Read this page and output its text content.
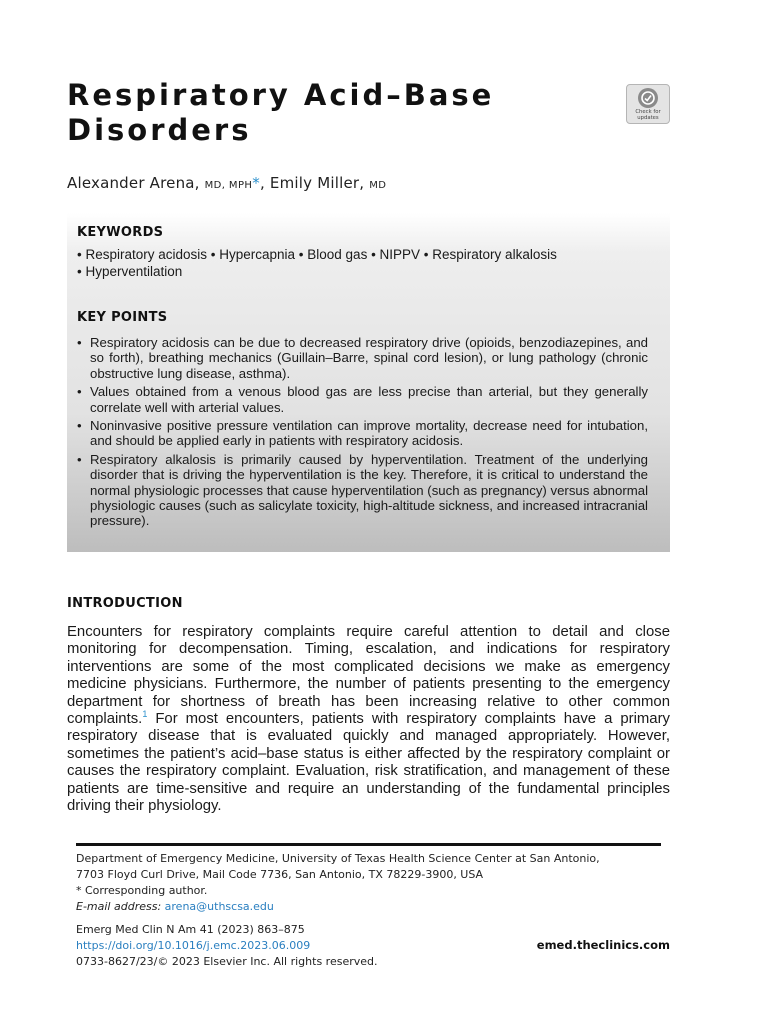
Respiratory Acid–Base
Disorders
Check for
updates
Alexander Arena, MD, MPH*, Emily Miller, MD
KEYWORDS
• Respiratory acidosis • Hypercapnia • Blood gas • NIPPV • Respiratory alkalosis
• Hyperventilation
KEY POINTS
• Respiratory acidosis can be due to decreased respiratory drive (opioids, benzodiazepines, and so forth), breathing mechanics (Guillain–Barre, spinal cord lesion), or lung pathology (chronic obstructive lung disease, asthma).
• Values obtained from a venous blood gas are less precise than arterial, but they generally correlate well with arterial values.
• Noninvasive positive pressure ventilation can improve mortality, decrease need for intubation, and should be applied early in patients with respiratory acidosis.
• Respiratory alkalosis is primarily caused by hyperventilation. Treatment of the underlying disorder that is driving the hyperventilation is the key. Therefore, it is critical to understand the normal physiologic processes that cause hyperventilation (such as pregnancy) versus abnormal physiologic causes (such as salicylate toxicity, high-altitude sickness, and increased intracranial pressure).
INTRODUCTION

Encounters for respiratory complaints require careful attention to detail and close monitoring for decompensation. Timing, escalation, and indications for respiratory interventions are some of the most complicated decisions we make as emergency medicine physicians. Furthermore, the number of patients presenting to the emergency department for shortness of breath has been increasing relative to other common complaints.$^1$ For most encounters, patients with respiratory complaints have a primary respiratory disease that is evaluated quickly and managed appropriately. However, sometimes the patient’s acid–base status is either affected by the respiratory complaint or causes the respiratory complaint. Evaluation, risk stratification, and management of these patients are time-sensitive and require an understanding of the fundamental principles driving their physiology.

Department of Emergency Medicine, University of Texas Health Science Center at San Antonio,
7703 Floyd Curl Drive, Mail Code 7736, San Antonio, TX 78229-3900, USA
* Corresponding author.
E-mail address: arena@uthscsa.edu
Emerg Med Clin N Am 41 (2023) 863–875
https://doi.org/10.1016/j.emc.2023.06.009
0733-8627/23/© 2023 Elsevier Inc. All rights reserved.
emed.theclinics.com
